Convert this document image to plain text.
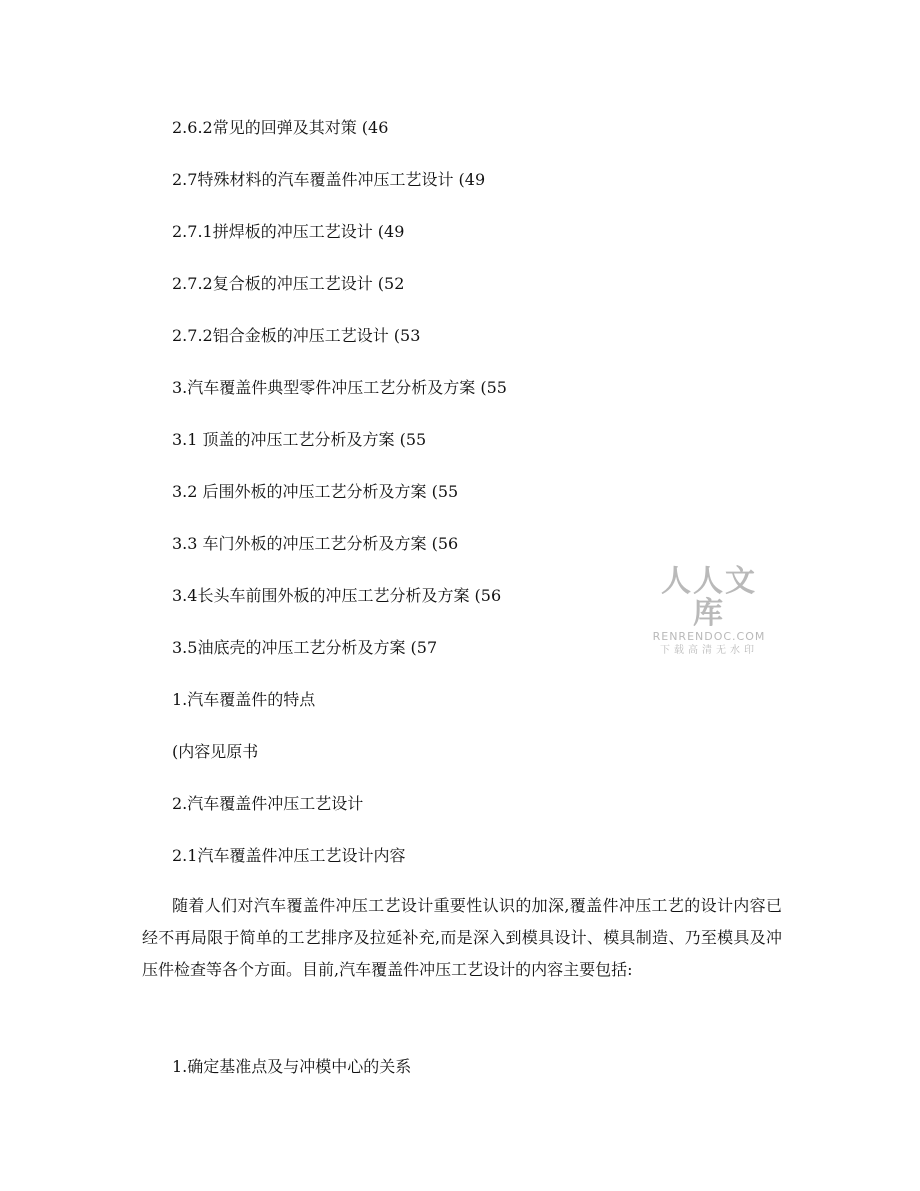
2.6.2常见的回弹及其对策 (46
2.7特殊材料的汽车覆盖件冲压工艺设计 (49
2.7.1拼焊板的冲压工艺设计 (49
2.7.2复合板的冲压工艺设计 (52
2.7.2铝合金板的冲压工艺设计 (53
3.汽车覆盖件典型零件冲压工艺分析及方案 (55
3.1 顶盖的冲压工艺分析及方案 (55
3.2 后围外板的冲压工艺分析及方案 (55
3.3 车门外板的冲压工艺分析及方案 (56
3.4长头车前围外板的冲压工艺分析及方案 (56
3.5油底壳的冲压工艺分析及方案 (57
1.汽车覆盖件的特点
(内容见原书
2.汽车覆盖件冲压工艺设计
2.1汽车覆盖件冲压工艺设计内容
随着人们对汽车覆盖件冲压工艺设计重要性认识的加深,覆盖件冲压工艺的设计内容已经不再局限于简单的工艺排序及拉延补充,而是深入到模具设计、模具制造、乃至模具及冲压件检查等各个方面。目前,汽车覆盖件冲压工艺设计的内容主要包括:
1.确定基准点及与冲模中心的关系
人人文库
RENRENDOC.COM
下载高清无水印
